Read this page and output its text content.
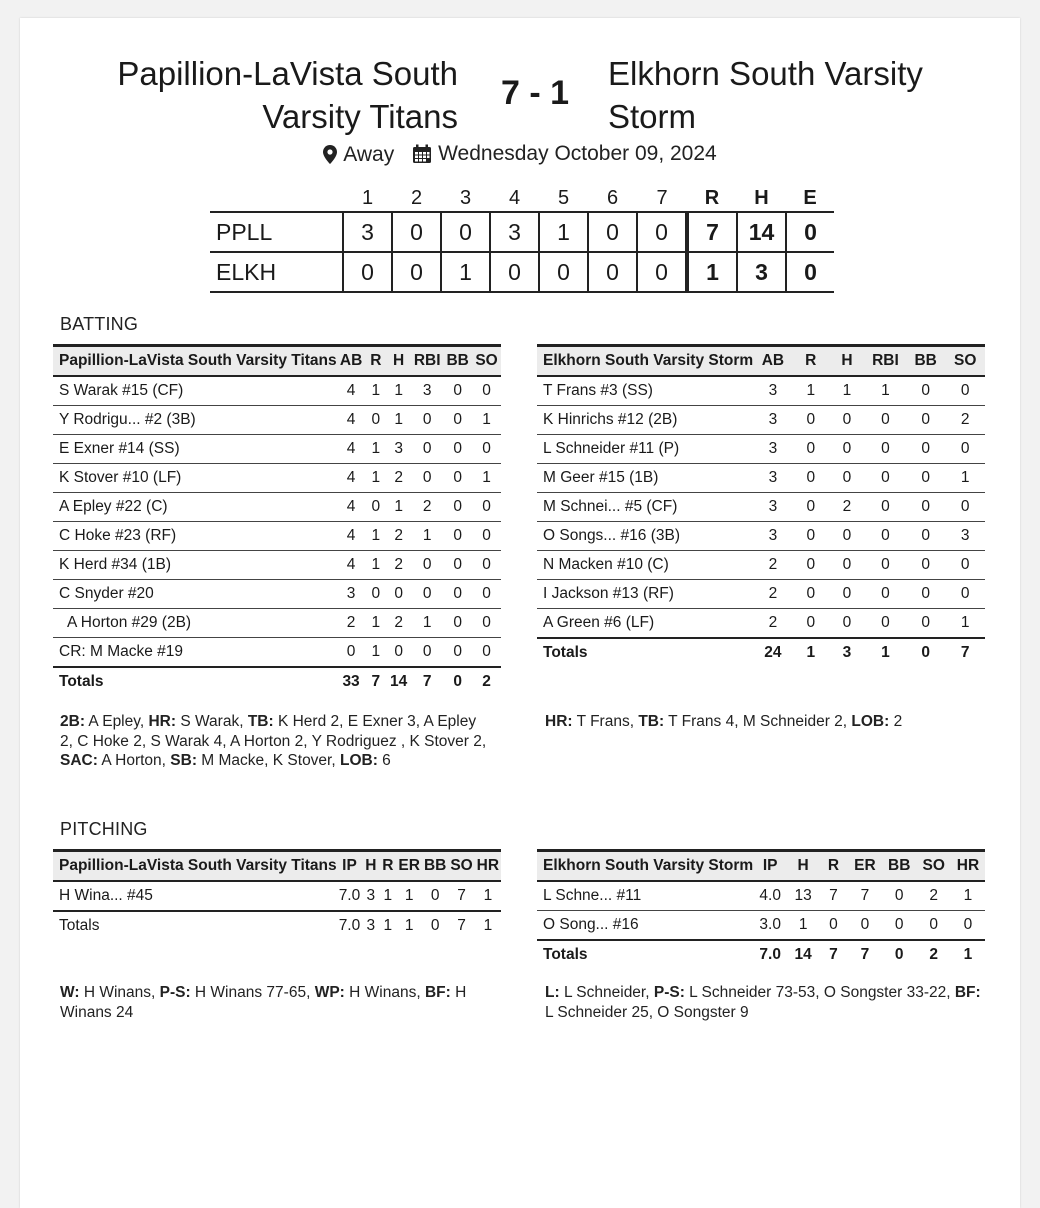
Papillion-LaVista South
Varsity Titans
7 - 1
Elkhorn South Varsity
Storm
Away
Wednesday October 09, 2024
	1	2	3	4	5	6	7	R	H	E
PPLL	3	0	0	3	1	0	0	7	14	0
ELKH	0	0	1	0	0	0	0	1	3	0
BATTING
Papillion-LaVista South Varsity Titans	AB	R	H	RBI	BB	SO
S Warak #15 (CF)	4	1	1	3	0	0
Y Rodrigu... #2 (3B)	4	0	1	0	0	1
E Exner #14 (SS)	4	1	3	0	0	0
K Stover #10 (LF)	4	1	2	0	0	1
A Epley #22 (C)	4	0	1	2	0	0
C Hoke #23 (RF)	4	1	2	1	0	0
K Herd #34 (1B)	4	1	2	0	0	0
C Snyder #20	3	0	0	0	0	0
A Horton #29 (2B)	2	1	2	1	0	0
CR: M Macke #19	0	1	0	0	0	0
Totals	33	7	14	7	0	2
Elkhorn South Varsity Storm	AB	R	H	RBI	BB	SO
T Frans #3 (SS)	3	1	1	1	0	0
K Hinrichs #12 (2B)	3	0	0	0	0	2
L Schneider #11 (P)	3	0	0	0	0	0
M Geer #15 (1B)	3	0	0	0	0	1
M Schnei... #5 (CF)	3	0	2	0	0	0
O Songs... #16 (3B)	3	0	0	0	0	3
N Macken #10 (C)	2	0	0	0	0	0
I Jackson #13 (RF)	2	0	0	0	0	0
A Green #6 (LF)	2	0	0	0	0	1
Totals	24	1	3	1	0	7
2B: A Epley, HR: S Warak, TB: K Herd 2, E Exner 3, A Epley 2, C Hoke 2, S Warak 4, A Horton 2, Y Rodriguez , K Stover 2, SAC: A Horton, SB: M Macke, K Stover, LOB: 6
HR: T Frans, TB: T Frans 4, M Schneider 2, LOB: 2
PITCHING
Papillion-LaVista South Varsity Titans	IP	H	R	ER	BB	SO	HR
H Wina... #45	7.0	3	1	1	0	7	1
Totals	7.0	3	1	1	0	7	1
Elkhorn South Varsity Storm	IP	H	R	ER	BB	SO	HR
L Schne... #11	4.0	13	7	7	0	2	1
O Song... #16	3.0	1	0	0	0	0	0
Totals	7.0	14	7	7	0	2	1
W: H Winans, P-S: H Winans 77-65, WP: H Winans, BF: H Winans 24
L: L Schneider, P-S: L Schneider 73-53, O Songster 33-22, BF: L Schneider 25, O Songster 9
